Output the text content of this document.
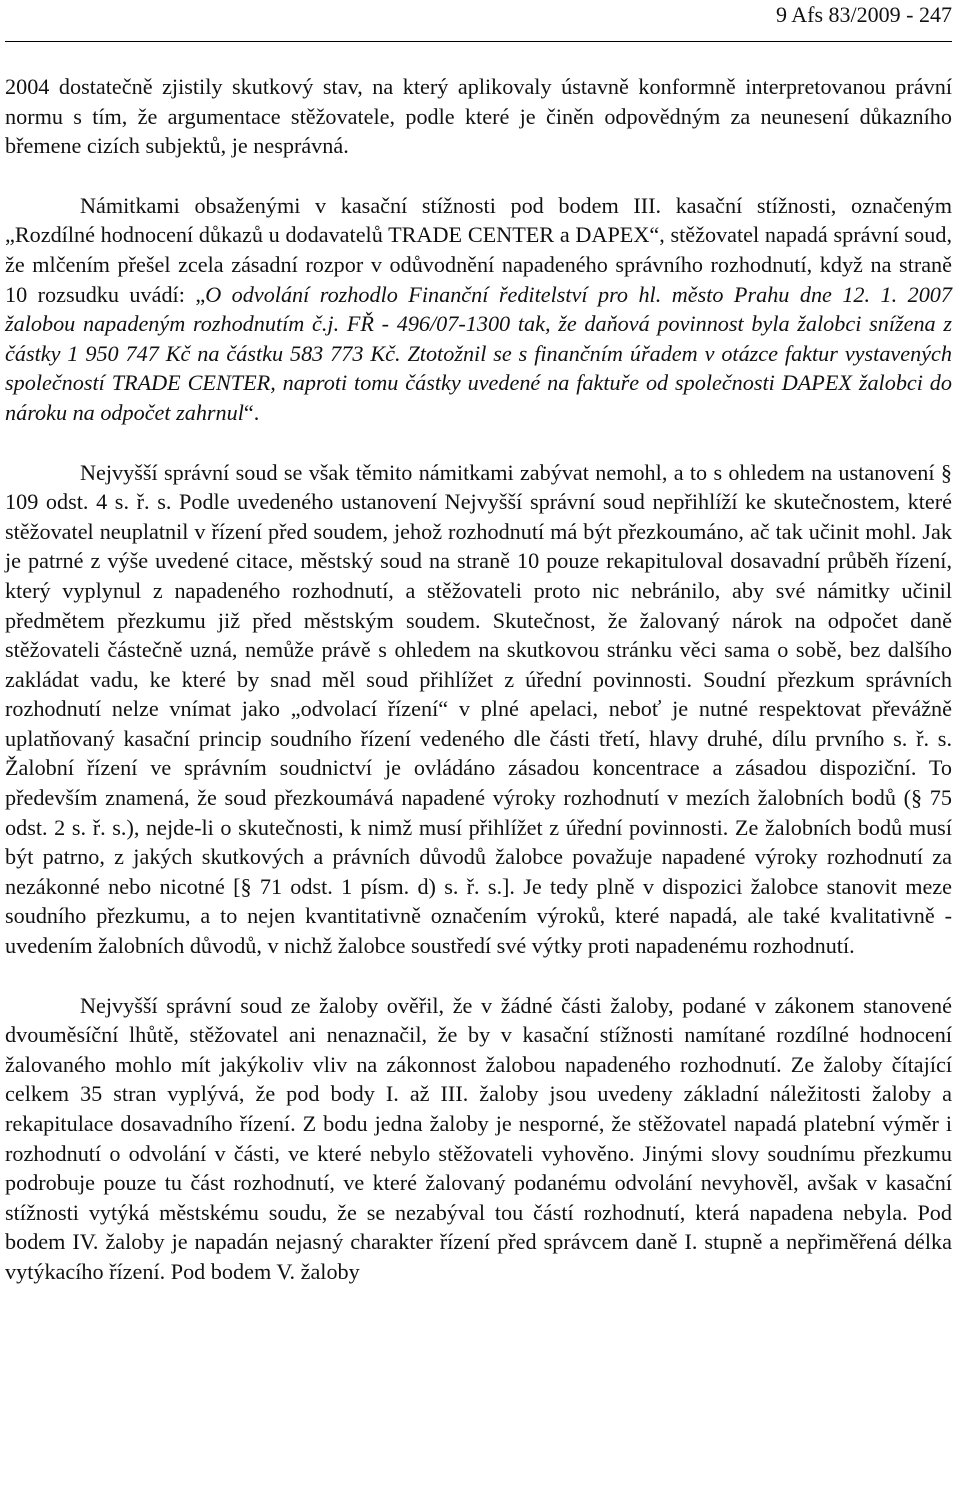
9 Afs 83/2009 - 247

2004 dostatečně zjistily skutkový stav, na který aplikovaly ústavně konformně interpretovanou právní normu s tím, že argumentace stěžovatele, podle které je činěn odpovědným za neunesení důkazního břemene cizích subjektů, je nesprávná.

Námitkami obsaženými v kasační stížnosti pod bodem III. kasační stížnosti, označeným „Rozdílné hodnocení důkazů u dodavatelů TRADE CENTER a DAPEX“, stěžovatel napadá správní soud, že mlčením přešel zcela zásadní rozpor v odůvodnění napadeného správního rozhodnutí, když na straně 10 rozsudku uvádí: „O odvolání rozhodlo Finanční ředitelství pro hl. město Prahu dne 12. 1. 2007 žalobou napadeným rozhodnutím č.j. FŘ - 496/07-1300 tak, že daňová povinnost byla žalobci snížena z částky 1 950 747 Kč na částku 583 773 Kč. Ztotožnil se s finančním úřadem v otázce faktur vystavených společností TRADE CENTER, naproti tomu částky uvedené na faktuře od společnosti DAPEX žalobci do nároku na odpočet zahrnul“.

Nejvyšší správní soud se však těmito námitkami zabývat nemohl, a to s ohledem na ustanovení § 109 odst. 4 s. ř. s. Podle uvedeného ustanovení Nejvyšší správní soud nepřihlíží ke skutečnostem, které stěžovatel neuplatnil v řízení před soudem, jehož rozhodnutí má být přezkoumáno, ač tak učinit mohl. Jak je patrné z výše uvedené citace, městský soud na straně 10 pouze rekapituloval dosavadní průběh řízení, který vyplynul z napadeného rozhodnutí, a stěžovateli proto nic nebránilo, aby své námitky učinil předmětem přezkumu již před městským soudem. Skutečnost, že žalovaný nárok na odpočet daně stěžovateli částečně uzná, nemůže právě s ohledem na skutkovou stránku věci sama o sobě, bez dalšího zakládat vadu, ke které by snad měl soud přihlížet z úřední povinnosti. Soudní přezkum správních rozhodnutí nelze vnímat jako „odvolací řízení“ v plné apelaci, neboť je nutné respektovat převážně uplatňovaný kasační princip soudního řízení vedeného dle části třetí, hlavy druhé, dílu prvního s. ř. s. Žalobní řízení ve správním soudnictví je ovládáno zásadou koncentrace a zásadou dispoziční. To především znamená, že soud přezkoumává napadené výroky rozhodnutí v mezích žalobních bodů (§ 75 odst. 2 s. ř. s.), nejde-li o skutečnosti, k nimž musí přihlížet z úřední povinnosti. Ze žalobních bodů musí být patrno, z jakých skutkových a právních důvodů žalobce považuje napadené výroky rozhodnutí za nezákonné nebo nicotné [§ 71 odst. 1 písm. d) s. ř. s.]. Je tedy plně v dispozici žalobce stanovit meze soudního přezkumu, a to nejen kvantitativně označením výroků, které napadá, ale také kvalitativně - uvedením žalobních důvodů, v nichž žalobce soustředí své výtky proti napadenému rozhodnutí.

Nejvyšší správní soud ze žaloby ověřil, že v žádné části žaloby, podané v zákonem stanovené dvouměsíční lhůtě, stěžovatel ani nenaznačil, že by v kasační stížnosti namítané rozdílné hodnocení žalovaného mohlo mít jakýkoliv vliv na zákonnost žalobou napadeného rozhodnutí. Ze žaloby čítající celkem 35 stran vyplývá, že pod body I. až III. žaloby jsou uvedeny základní náležitosti žaloby a rekapitulace dosavadního řízení. Z bodu jedna žaloby je nesporné, že stěžovatel napadá platební výměr i rozhodnutí o odvolání v části, ve které nebylo stěžovateli vyhověno. Jinými slovy soudnímu přezkumu podrobuje pouze tu část rozhodnutí, ve které žalovaný podanému odvolání nevyhověl, avšak v kasační stížnosti vytýká městskému soudu, že se nezabýval tou částí rozhodnutí, která napadena nebyla. Pod bodem IV. žaloby je napadán nejasný charakter řízení před správcem daně I. stupně a nepřiměřená délka vytýkacího řízení. Pod bodem V. žaloby
